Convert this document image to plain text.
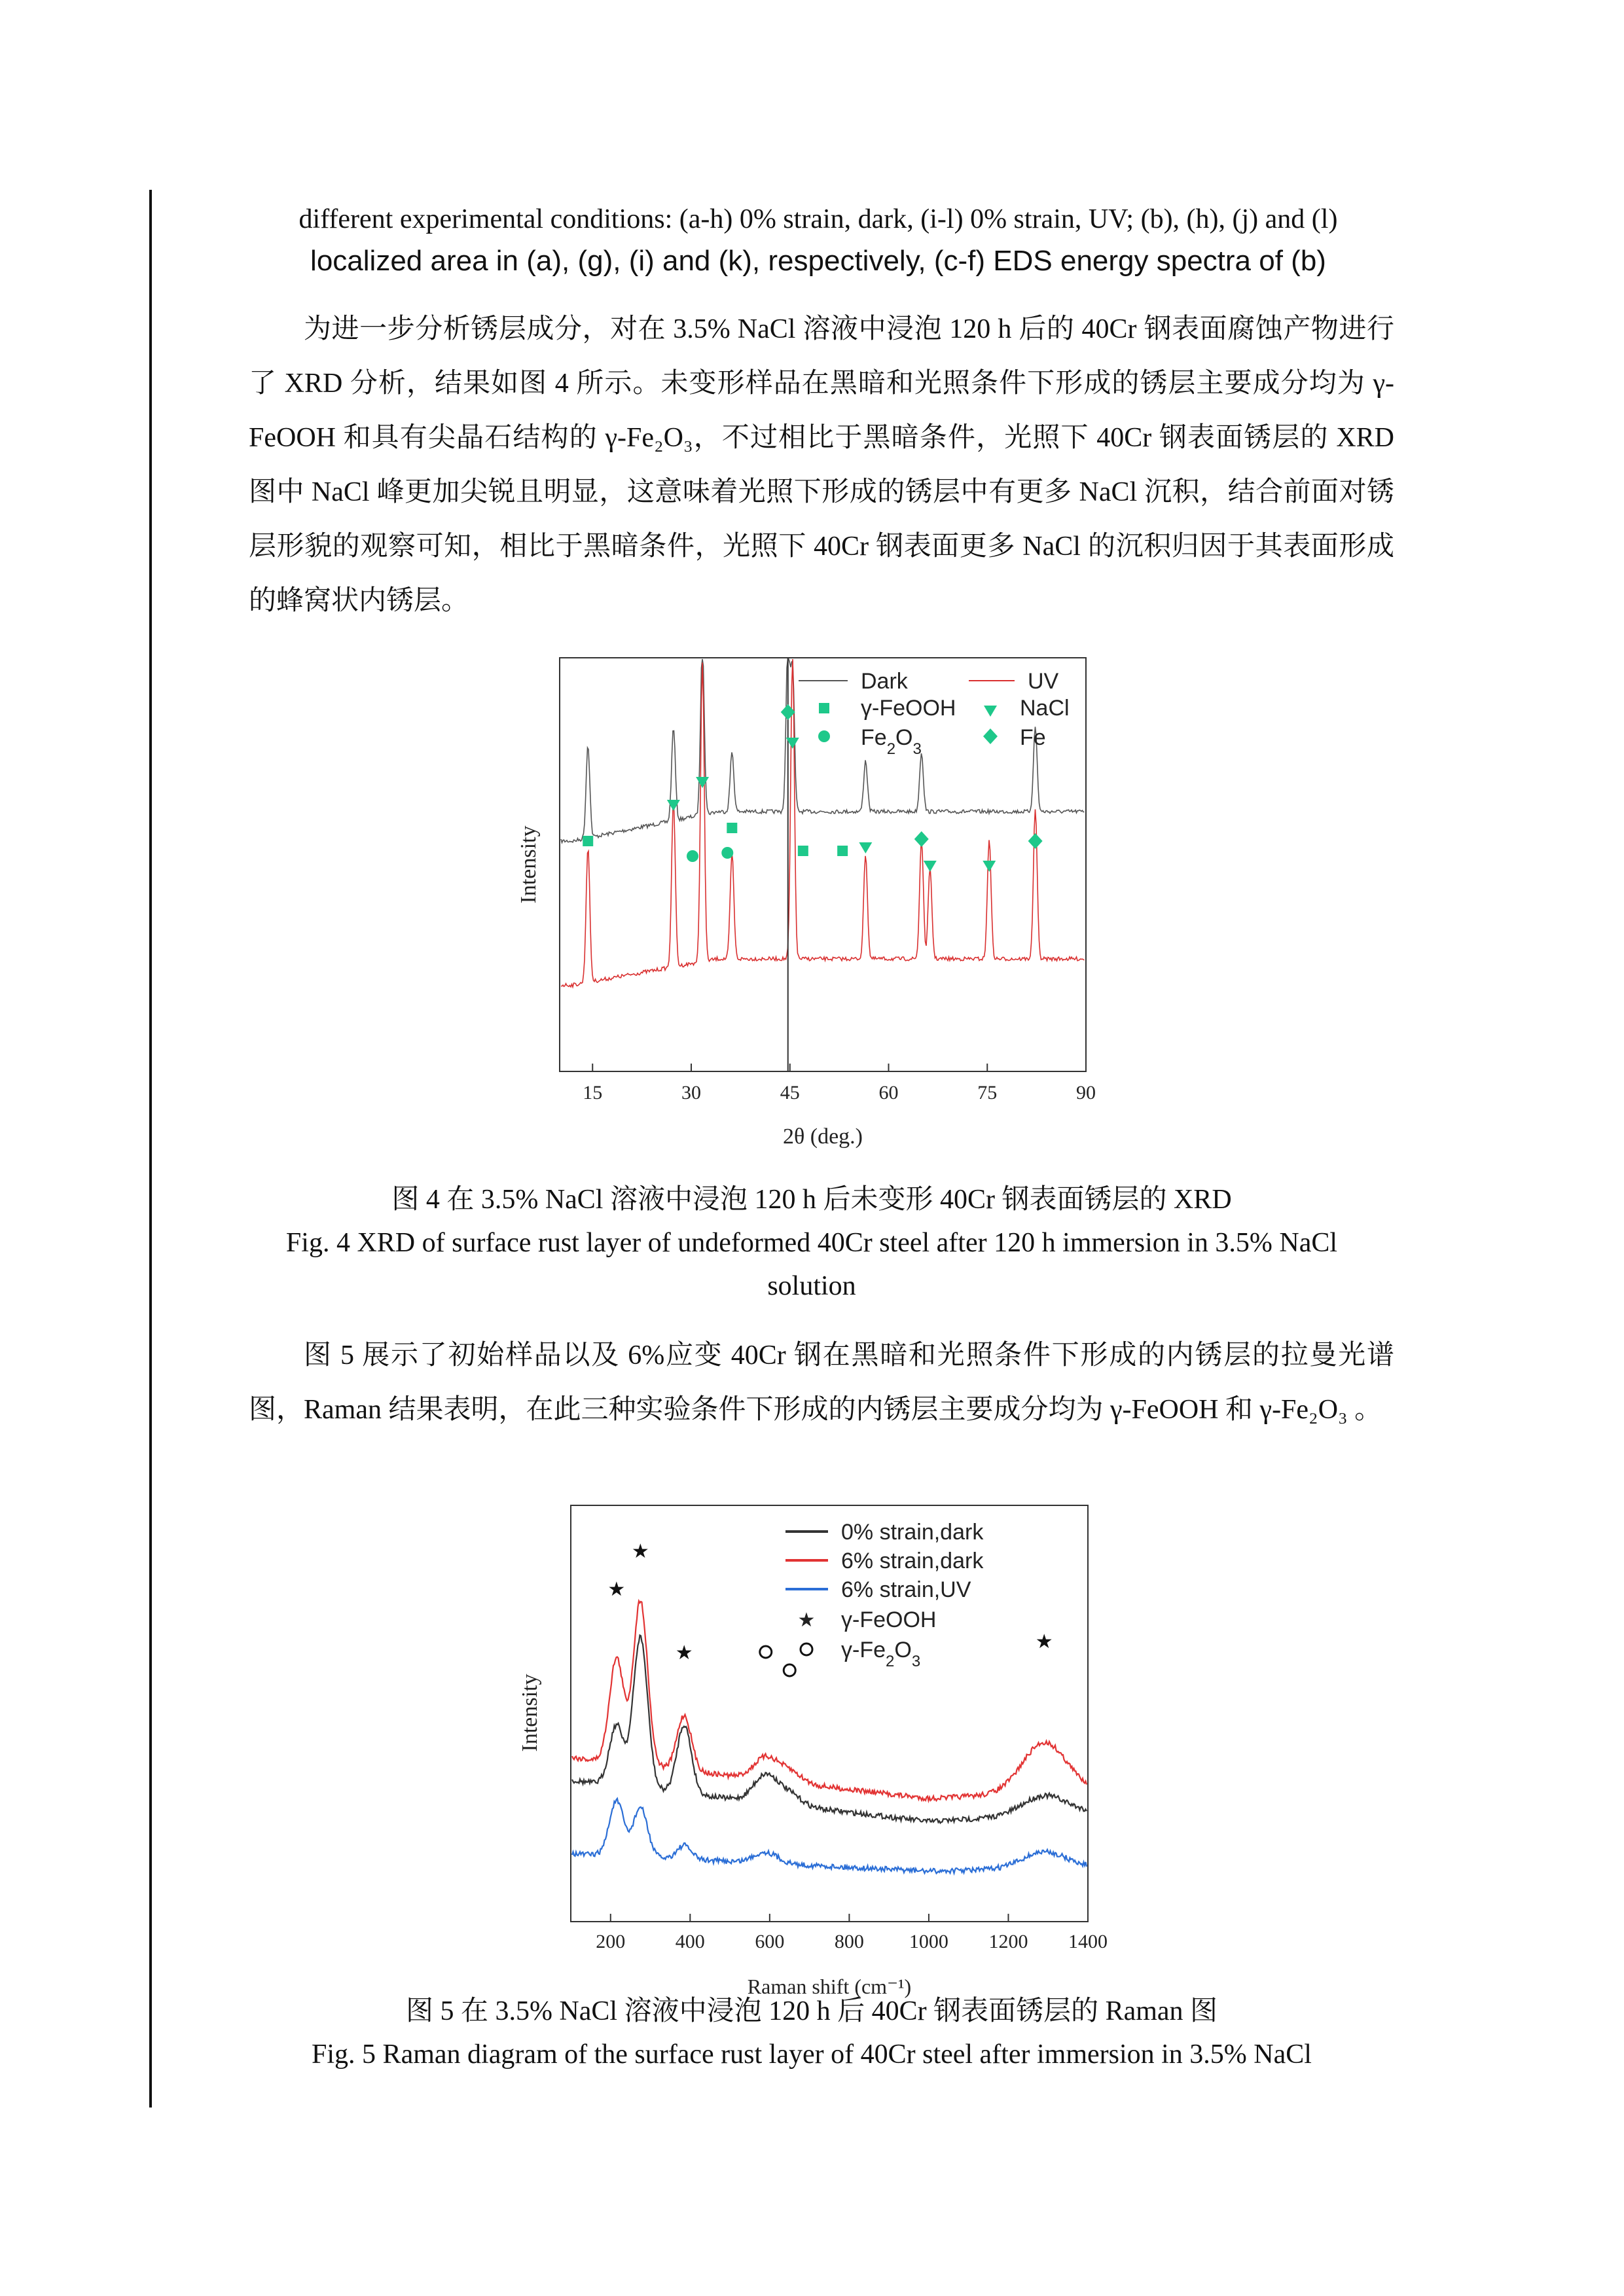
different experimental conditions: (a-h) 0% strain, dark, (i-l) 0% strain, UV; (b), (h), (j) and (l)
localized area in (a), (g), (i) and (k), respectively, (c-f) EDS energy spectra of (b)

为进一步分析锈层成分，对在 3.5% NaCl 溶液中浸泡 120 h 后的 40Cr 钢表面腐蚀产物进行了 XRD 分析，结果如图 4 所示。未变形样品在黑暗和光照条件下形成的锈层主要成分均为 γ-FeOOH 和具有尖晶石结构的 γ-Fe₂O₃，不过相比于黑暗条件，光照下 40Cr 钢表面锈层的 XRD 图中 NaCl 峰更加尖锐且明显，这意味着光照下形成的锈层中有更多 NaCl 沉积，结合前面对锈层形貌的观察可知，相比于黑暗条件，光照下 40Cr 钢表面更多 NaCl 的沉积归因于其表面形成的蜂窝状内锈层。

15	30	45	60	75	90
Dark	UV
γ-FeOOH	NaCl
$Fe_2O_3$	Fe
Intensity
2θ (deg.)
图 4 在 3.5% NaCl 溶液中浸泡 120 h 后未变形 40Cr 钢表面锈层的 XRD
Fig. 4 XRD of surface rust layer of undeformed 40Cr steel after 120 h immersion in 3.5% NaCl
solution

图 5 展示了初始样品以及 6%应变 40Cr 钢在黑暗和光照条件下形成的内锈层的拉曼光谱图，Raman 结果表明，在此三种实验条件下形成的内锈层主要成分均为 γ-FeOOH 和 γ-Fe₂O₃ 。

200	400	600	800 1000 1200 1400
★
★
★
★
0% strain,dark
6% strain,dark
6% strain,UV
★ γ-FeOOH
$\gamma-Fe_2O_3$
Intensity
Raman shift (cm⁻¹)
图 5 在 3.5% NaCl 溶液中浸泡 120 h 后 40Cr 钢表面锈层的 Raman 图
Fig. 5 Raman diagram of the surface rust layer of 40Cr steel after immersion in 3.5% NaCl
